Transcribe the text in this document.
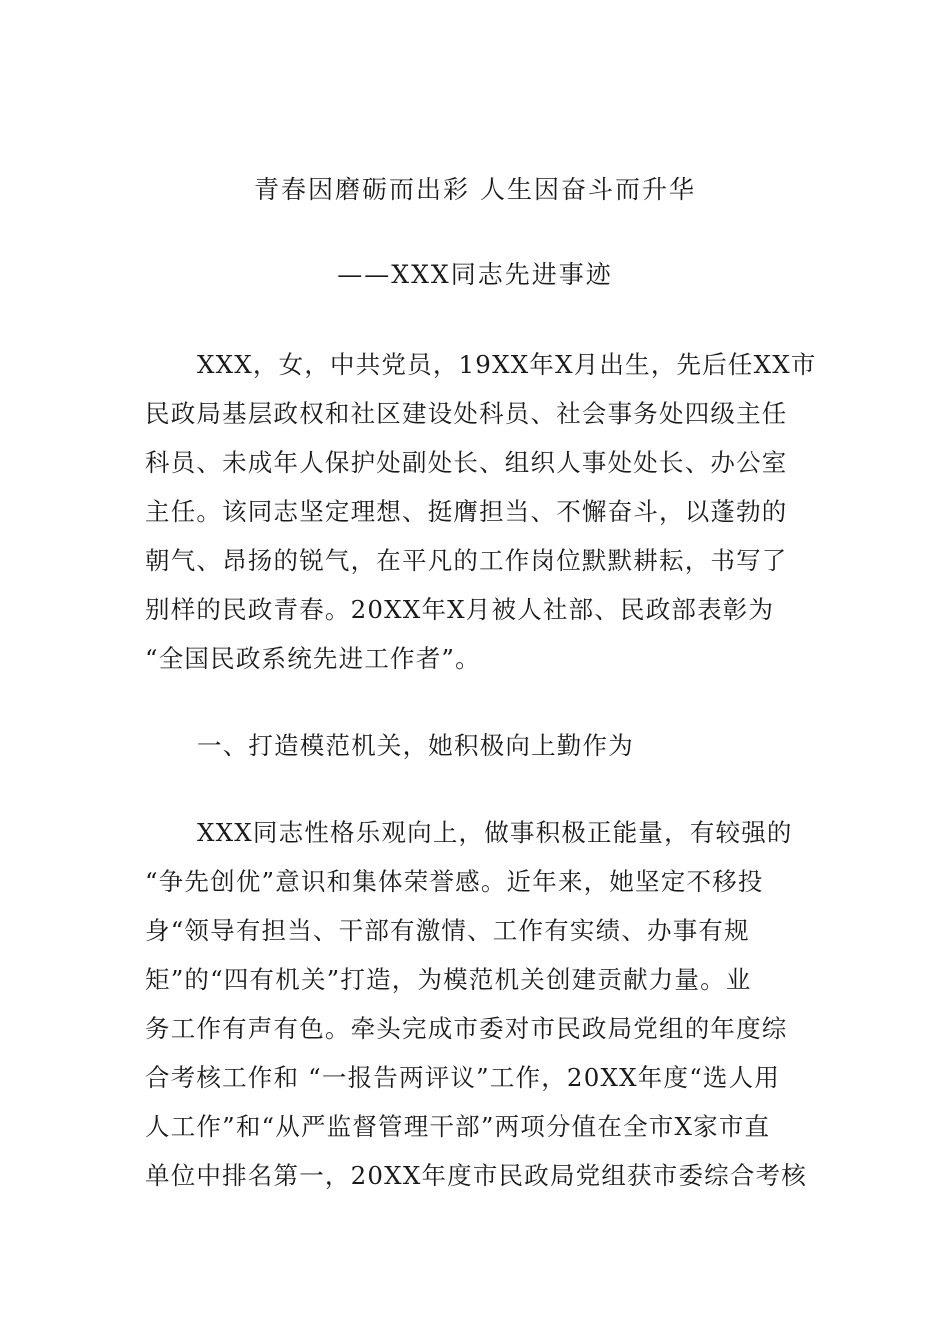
青春因磨砺而出彩 人生因奋斗而升华
——XXX同志先进事迹
XXX，女，中共党员，19XX年X月出生，先后任XX市
民政局基层政权和社区建设处科员、社会事务处四级主任
科员、未成年人保护处副处长、组织人事处处长、办公室
主任。该同志坚定理想、挺膺担当、不懈奋斗，以蓬勃的
朝气、昂扬的锐气，在平凡的工作岗位默默耕耘，书写了
别样的民政青春。20XX年X月被人社部、民政部表彰为
“全国民政系统先进工作者”。
一、打造模范机关，她积极向上勤作为
XXX同志性格乐观向上，做事积极正能量，有较强的
“争先创优”意识和集体荣誉感。近年来，她坚定不移投
身“领导有担当、干部有激情、工作有实绩、办事有规
矩”的“四有机关”打造，为模范机关创建贡献力量。业
务工作有声有色。牵头完成市委对市民政局党组的年度综
合考核工作和 “一报告两评议”工作，20XX年度“选人用
人工作”和“从严监督管理干部”两项分值在全市X家市直
单位中排名第一，20XX年度市民政局党组获市委综合考核
